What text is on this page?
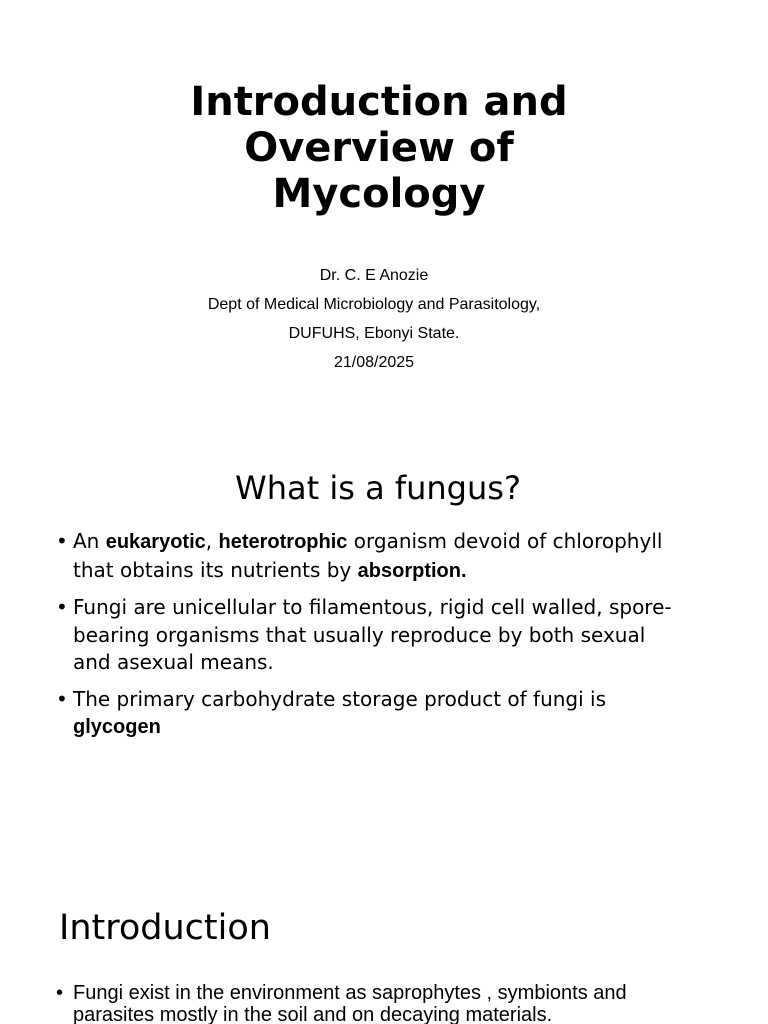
Introduction and
Overview of
Mycology
Dr. C. E Anozie
Dept of Medical Microbiology and Parasitology,
DUFUHS, Ebonyi State.
21/08/2025
What is a fungus?
• An eukaryotic, heterotrophic organism devoid of chlorophyll that obtains its nutrients by absorption.
• Fungi are unicellular to filamentous, rigid cell walled, spore-bearing organisms that usually reproduce by both sexual and asexual means.
• The primary carbohydrate storage product of fungi is glycogen
Introduction
• Fungi exist in the environment as saprophytes , symbionts and parasites mostly in the soil and on decaying materials.
